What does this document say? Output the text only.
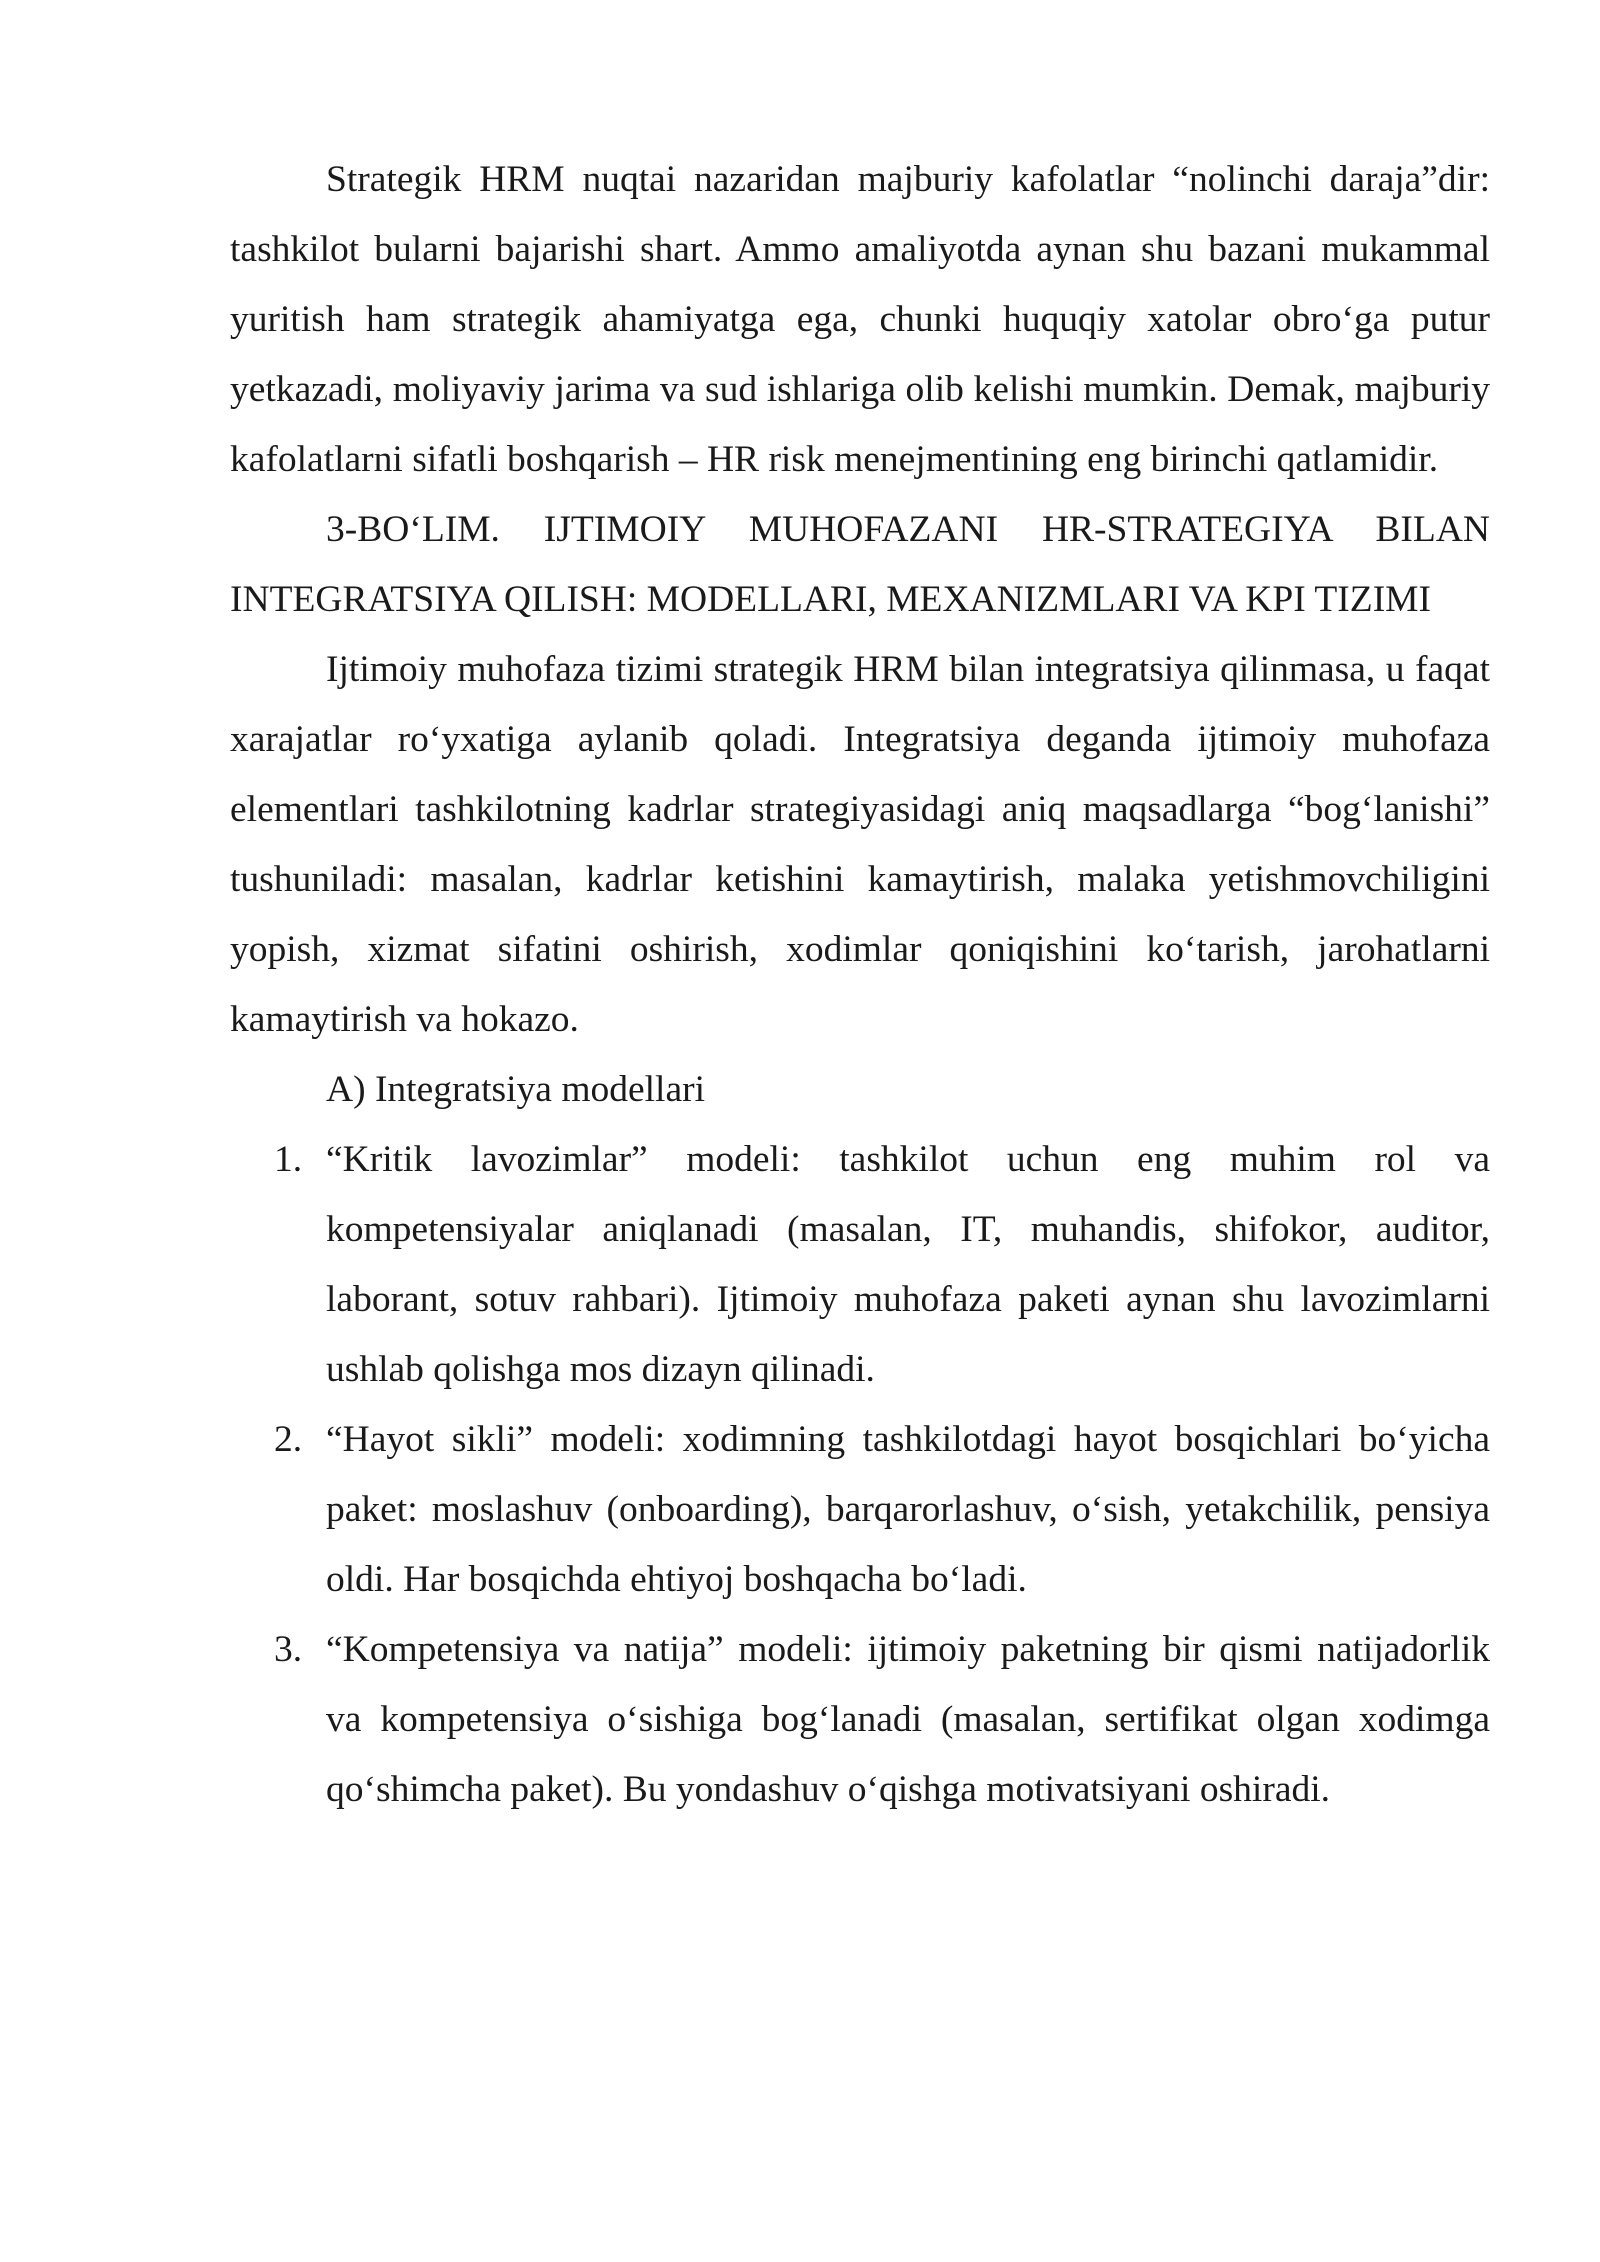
Strategik HRM nuqtai nazaridan majburiy kafolatlar “nolinchi daraja”dir: tashkilot bularni bajarishi shart. Ammo amaliyotda aynan shu bazani mukammal yuritish ham strategik ahamiyatga ega, chunki huquqiy xatolar obro‘ga putur yetkazadi, moliyaviy jarima va sud ishlariga olib kelishi mumkin. Demak, majburiy kafolatlarni sifatli boshqarish – HR risk menejmentining eng birinchi qatlamidir.

3-BO‘LIM. IJTIMOIY MUHOFAZANI HR-STRATEGIYA BILAN INTEGRATSIYA QILISH: MODELLARI, MEXANIZMLARI VA KPI TIZIMI

Ijtimoiy muhofaza tizimi strategik HRM bilan integratsiya qilinmasa, u faqat xarajatlar ro‘yxatiga aylanib qoladi. Integratsiya deganda ijtimoiy muhofaza elementlari tashkilotning kadrlar strategiyasidagi aniq maqsadlarga “bog‘lanishi” tushuniladi: masalan, kadrlar ketishini kamaytirish, malaka yetishmovchiligini yopish, xizmat sifatini oshirish, xodimlar qoniqishini ko‘tarish, jarohatlarni kamaytirish va hokazo.

A) Integratsiya modellari

1. “Kritik lavozimlar” modeli: tashkilot uchun eng muhim rol va kompetensiyalar aniqlanadi (masalan, IT, muhandis, shifokor, auditor, laborant, sotuv rahbari). Ijtimoiy muhofaza paketi aynan shu lavozimlarni ushlab qolishga mos dizayn qilinadi.
2. “Hayot sikli” modeli: xodimning tashkilotdagi hayot bosqichlari bo‘yicha paket: moslashuv (onboarding), barqarorlashuv, o‘sish, yetakchilik, pensiya oldi. Har bosqichda ehtiyoj boshqacha bo‘ladi.
3. “Kompetensiya va natija” modeli: ijtimoiy paketning bir qismi natijadorlik va kompetensiya o‘sishiga bog‘lanadi (masalan, sertifikat olgan xodimga qo‘shimcha paket). Bu yondashuv o‘qishga motivatsiyani oshiradi.
